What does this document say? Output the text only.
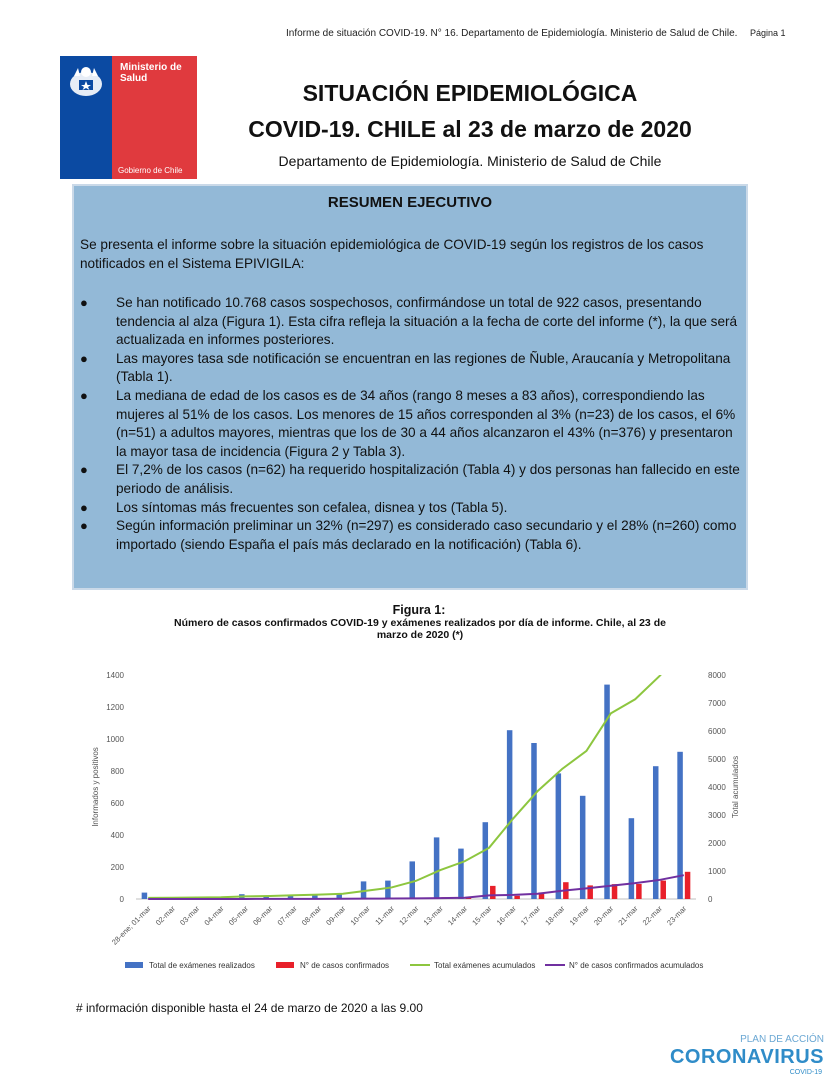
Informe de situación COVID-19. N° 16. Departamento de Epidemiología. Ministerio de Salud de Chile. Página 1
Ministerio de Salud
Gobierno de Chile
SITUACIÓN EPIDEMIOLÓGICA
COVID-19. CHILE al 23 de marzo de 2020
Departamento de Epidemiología. Ministerio de Salud de Chile
RESUMEN EJECUTIVO
Se presenta el informe sobre la situación epidemiológica de COVID-19 según los registros de los casos notificados en el Sistema EPIVIGILA:
● Se han notificado 10.768 casos sospechosos, confirmándose un total de 922 casos, presentando tendencia al alza (Figura 1). Esta cifra refleja la situación a la fecha de corte del informe (*), la que será actualizada en informes posteriores.
● Las mayores tasa sde notificación se encuentran en las regiones de Ñuble, Araucanía y Metropolitana (Tabla 1).
● La mediana de edad de los casos es de 34 años (rango 8 meses a 83 años), correspondiendo las mujeres al 51% de los casos. Los menores de 15 años corresponden al 3% (n=23) de los casos, el 6% (n=51) a adultos mayores, mientras que los de 30 a 44 años alcanzaron el 43% (n=376) y presentaron la mayor tasa de incidencia (Figura 2 y Tabla 3).
● El 7,2% de los casos (n=62) ha requerido hospitalización (Tabla 4) y dos personas han fallecido en este periodo de análisis.
● Los síntomas más frecuentes son cefalea, disnea y tos (Tabla 5).
● Según información preliminar un 32% (n=297) es considerado caso secundario y el 28% (n=260) como importado (siendo España el país más declarado en la notificación) (Tabla 6).
Figura 1:
Número de casos confirmados COVID-19 y exámenes realizados por día de informe. Chile, al 23 de marzo de 2020 (*)
0
200
400
600
800
1000
1200
1400
0
1000
2000
3000
4000
5000
6000
7000
8000
Informados y positivos	Total acumulados
28-ene; 01-mar 02-mar 03-mar 04-mar 05-mar 06-mar 07-mar 08-mar 09-mar 10-mar 11-mar 12-mar 13-mar 14-mar 15-mar 16-mar 17-mar 18-mar 19-mar 20-mar 21-mar 22-mar 23-mar
Total de exámenes realizados	N° de casos confirmados	Total exámenes acumulados	N° de casos confirmados acumulados
# información disponible hasta el 24 de marzo de 2020 a las 9.00
PLAN DE ACCIÓN
CORONAVIRUS
COVID-19
